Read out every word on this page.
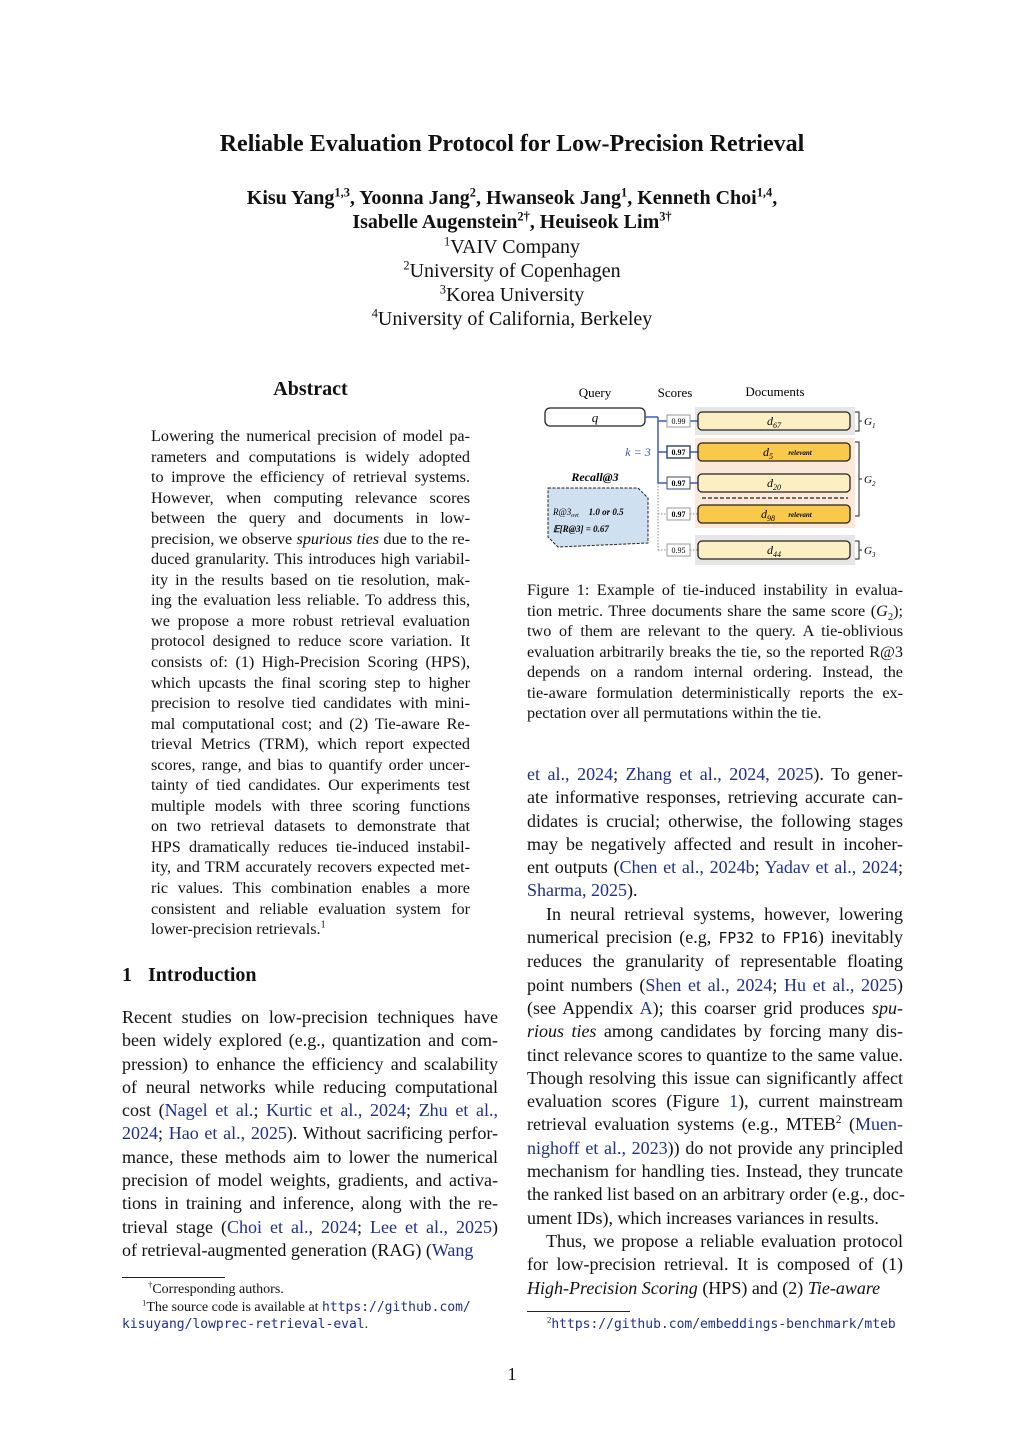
Reliable Evaluation Protocol for Low-Precision Retrieval
Kisu Yang$^{1,3}$, Yoonna Jang$^2$, Hwanseok Jang$^1$, Kenneth Choi$^{1,4}$,
Isabelle Augenstein$^{2\dagger}$, Heuiseok Lim$^{3\dagger}$
$^1$VAIV Company
$^2$University of Copenhagen
$^3$Korea University
$^4$University of California, Berkeley
Abstract
Lowering the numerical precision of model pa-
rameters and computations is widely adopted
to improve the efficiency of retrieval systems.
However, when computing relevance scores
between the query and documents in low-
precision, we observe spurious ties due to the re-
duced granularity. This introduces high variabil-
ity in the results based on tie resolution, mak-
ing the evaluation less reliable. To address this,
we propose a more robust retrieval evaluation
protocol designed to reduce score variation. It
consists of: (1) High-Precision Scoring (HPS),
which upcasts the final scoring step to higher
precision to resolve tied candidates with mini-
mal computational cost; and (2) Tie-aware Re-
trieval Metrics (TRM), which report expected
scores, range, and bias to quantify order uncer-
tainty of tied candidates. Our experiments test
multiple models with three scoring functions
on two retrieval datasets to demonstrate that
HPS dramatically reduces tie-induced instabil-
ity, and TRM accurately recovers expected met-
ric values. This combination enables a more
consistent and reliable evaluation system for
lower-precision retrievals.$^1$
1 Introduction
Recent studies on low-precision techniques have
been widely explored (e.g., quantization and com-
pression) to enhance the efficiency and scalability
of neural networks while reducing computational
cost (Nagel et al.; Kurtic et al., 2024; Zhu et al.,
2024; Hao et al., 2025). Without sacrificing perfor-
mance, these methods aim to lower the numerical
precision of model weights, gradients, and activa-
tions in training and inference, along with the re-
trieval stage (Choi et al., 2024; Lee et al., 2025)
of retrieval-augmented generation (RAG) (Wang
†Corresponding authors.
$^1$The source code is available at https://github.com/
kisuyang/lowprec-retrieval-eval.
Query	Scores	Documents
q
k = 3
Recall@3
$R@3_{ovt}$ 1.0 or 0.5
𝔼[R@3] = 0.67
0.99	$d_{67}$
0.97	$d_5$ relevant
0.97	$d_{20}$
0.97	$d_{98}$ relevant
0.95	$d_{44}$
$G_1$
$G_2$
$G_3$
Figure 1: Example of tie-induced instability in evalua-
tion metric. Three documents share the same score $(G_2)$;
two of them are relevant to the query. A tie-oblivious
evaluation arbitrarily breaks the tie, so the reported R@3
depends on a random internal ordering. Instead, the
tie-aware formulation deterministically reports the ex-
pectation over all permutations within the tie.
et al., 2024; Zhang et al., 2024, 2025). To gener-
ate informative responses, retrieving accurate can-
didates is crucial; otherwise, the following stages
may be negatively affected and result in incoher-
ent outputs (Chen et al., 2024b; Yadav et al., 2024;
Sharma, 2025).
In neural retrieval systems, however, lowering
numerical precision (e.g, FP32 to FP16) inevitably
reduces the granularity of representable floating
point numbers (Shen et al., 2024; Hu et al., 2025)
(see Appendix A); this coarser grid produces spu-
rious ties among candidates by forcing many dis-
tinct relevance scores to quantize to the same value.
Though resolving this issue can significantly affect
evaluation scores (Figure 1), current mainstream
retrieval evaluation systems (e.g., MTEB$^2$ (Muen-
nighoff et al., 2023)) do not provide any principled
mechanism for handling ties. Instead, they truncate
the ranked list based on an arbitrary order (e.g., doc-
ument IDs), which increases variances in results.
Thus, we propose a reliable evaluation protocol
for low-precision retrieval. It is composed of (1)
High-Precision Scoring (HPS) and (2) Tie-aware
$^2$https://github.com/embeddings-benchmark/mteb
1
